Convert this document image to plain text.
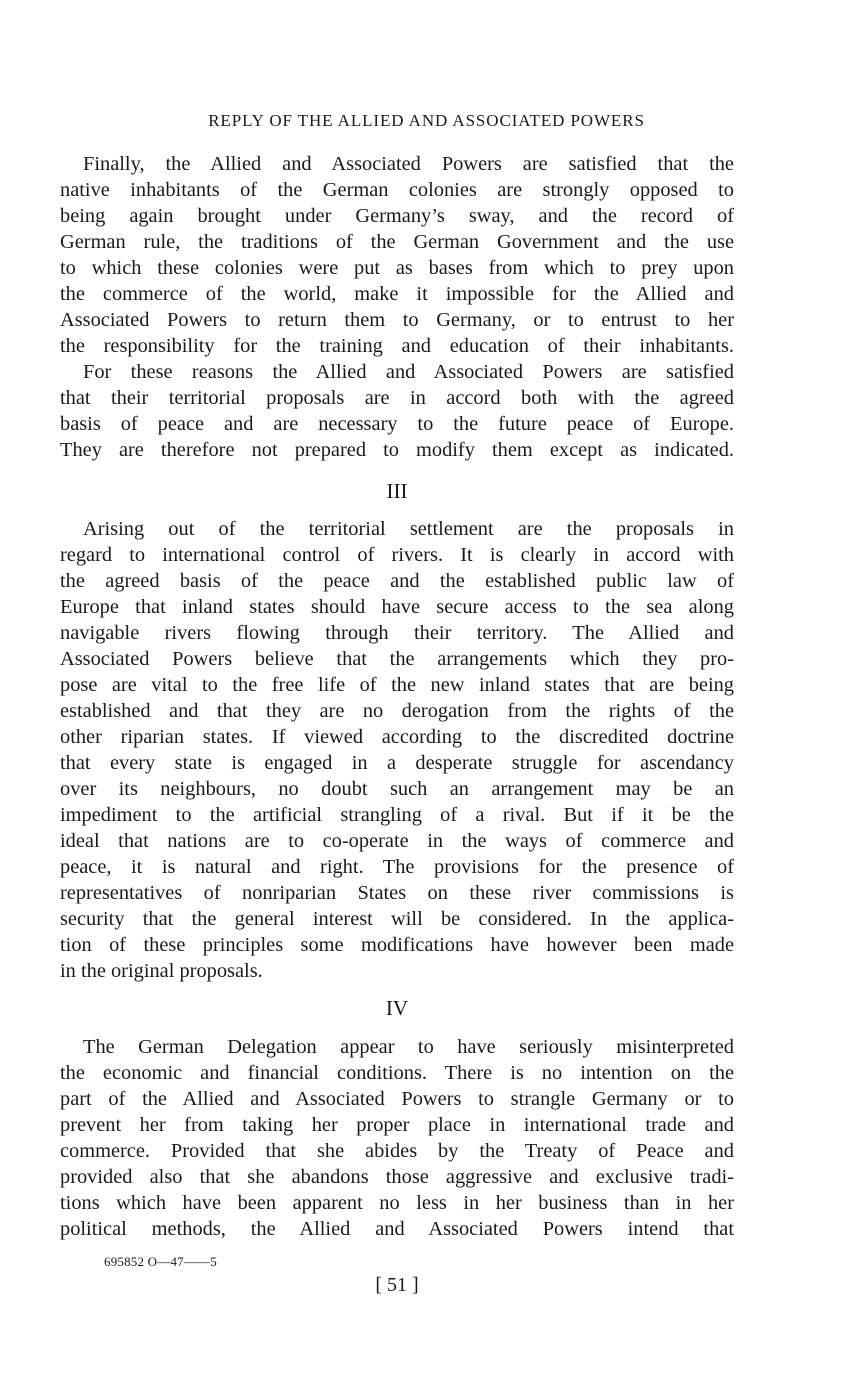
REPLY OF THE ALLIED AND ASSOCIATED POWERS
Finally, the Allied and Associated Powers are satisfied that the
native inhabitants of the German colonies are strongly opposed to
being again brought under Germany’s sway, and the record of
German rule, the traditions of the German Government and the use
to which these colonies were put as bases from which to prey upon
the commerce of the world, make it impossible for the Allied and
Associated Powers to return them to Germany, or to entrust to her
the responsibility for the training and education of their inhabitants.
For these reasons the Allied and Associated Powers are satisfied
that their territorial proposals are in accord both with the agreed
basis of peace and are necessary to the future peace of Europe.
They are therefore not prepared to modify them except as indicated.
III
Arising out of the territorial settlement are the proposals in
regard to international control of rivers. It is clearly in accord with
the agreed basis of the peace and the established public law of
Europe that inland states should have secure access to the sea along
navigable rivers flowing through their territory. The Allied and
Associated Powers believe that the arrangements which they pro-
pose are vital to the free life of the new inland states that are being
established and that they are no derogation from the rights of the
other riparian states. If viewed according to the discredited doctrine
that every state is engaged in a desperate struggle for ascendancy
over its neighbours, no doubt such an arrangement may be an
impediment to the artificial strangling of a rival. But if it be the
ideal that nations are to co-operate in the ways of commerce and
peace, it is natural and right. The provisions for the presence of
representatives of nonriparian States on these river commissions is
security that the general interest will be considered. In the applica-
tion of these principles some modifications have however been made
in the original proposals.
IV
The German Delegation appear to have seriously misinterpreted
the economic and financial conditions. There is no intention on the
part of the Allied and Associated Powers to strangle Germany or to
prevent her from taking her proper place in international trade and
commerce. Provided that she abides by the Treaty of Peace and
provided also that she abandons those aggressive and exclusive tradi-
tions which have been apparent no less in her business than in her
political methods, the Allied and Associated Powers intend that
695852 O—47——5
[ 51 ]
